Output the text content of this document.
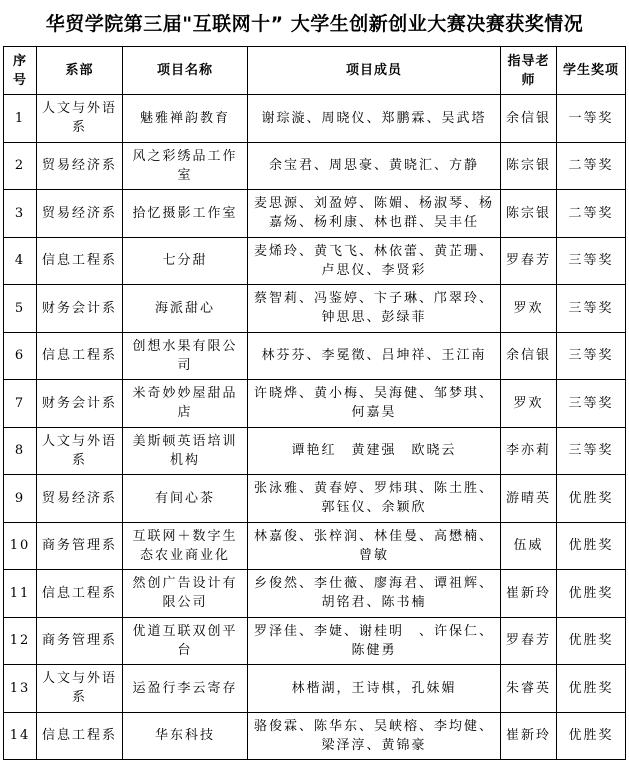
华贸学院第三届"互联网十” 大学生创新创业大赛决赛获奖情况
序号	系部	项目名称	项目成员	指导老师	学生奖项
1	人文与外语系	魅雅褝韵教育	谢琮漩、周晓仪、郑鹏霖、吴武塔	余信银	一等奖
2	贸易经济系	风之彩绣品工作室	余宝君、周思豪、黄晓汇、方静	陈宗银	二等奖
3	贸易经济系	拾忆摄影工作室	麦思源、刘盈婷、陈媚、杨淑琴、杨嘉炀、杨利康、林也群、吴丰任	陈宗银	二等奖
4	信息工程系	七分甜	麦烯玲、黄飞飞、林依蕾、黄芷珊、卢思仪、李贤彩	罗春芳	三等奖
5	财务会计系	海派甜心	蔡智莉、冯鉴婷、卞子琳、邝翠玲、钟思思、彭绿菲	罗欢	三等奖
6	信息工程系	创想水果有限公司	林芬芬、李冕徵、吕坤祥、王江南	余信银	三等奖
7	财务会计系	米奇妙妙屋甜品店	许晓烨、黄小梅、吴海健、邹梦琪、何嘉昊	罗欢	三等奖
8	人文与外语系	美斯顿英语培训机构	谭艳红　黄建强　欧晓云	李亦莉	三等奖
9	贸易经济系	有间心茶	张泳雅、黄春婷、罗炜琪、陈土胜、郭钰仪、余颖欣	游晴英	优胜奖
10	商务管理系	互联网＋数字生态农业商业化	林嘉俊、张梓润、林佳曼、高懋楠、曾敏	伍威	优胜奖
11	信息工程系	然创广告设计有限公司	乡俊然、李仕薇、廖海君、谭祖辉、胡铭君、陈书楠	崔新玲	优胜奖
12	商务管理系	优道互联双创平台	罗泽佳、李婕、谢桂明　、许保仁、陈健勇	罗春芳	优胜奖
13	人文与外语系	运盈行李云寄存	林楷湖，王诗棋，孔妹媚	朱睿英	优胜奖
14	信息工程系	华东科技	骆俊霖、陈华东、吴峡榕、李均健、梁泽淳、黄锦豪	崔新玲	优胜奖
